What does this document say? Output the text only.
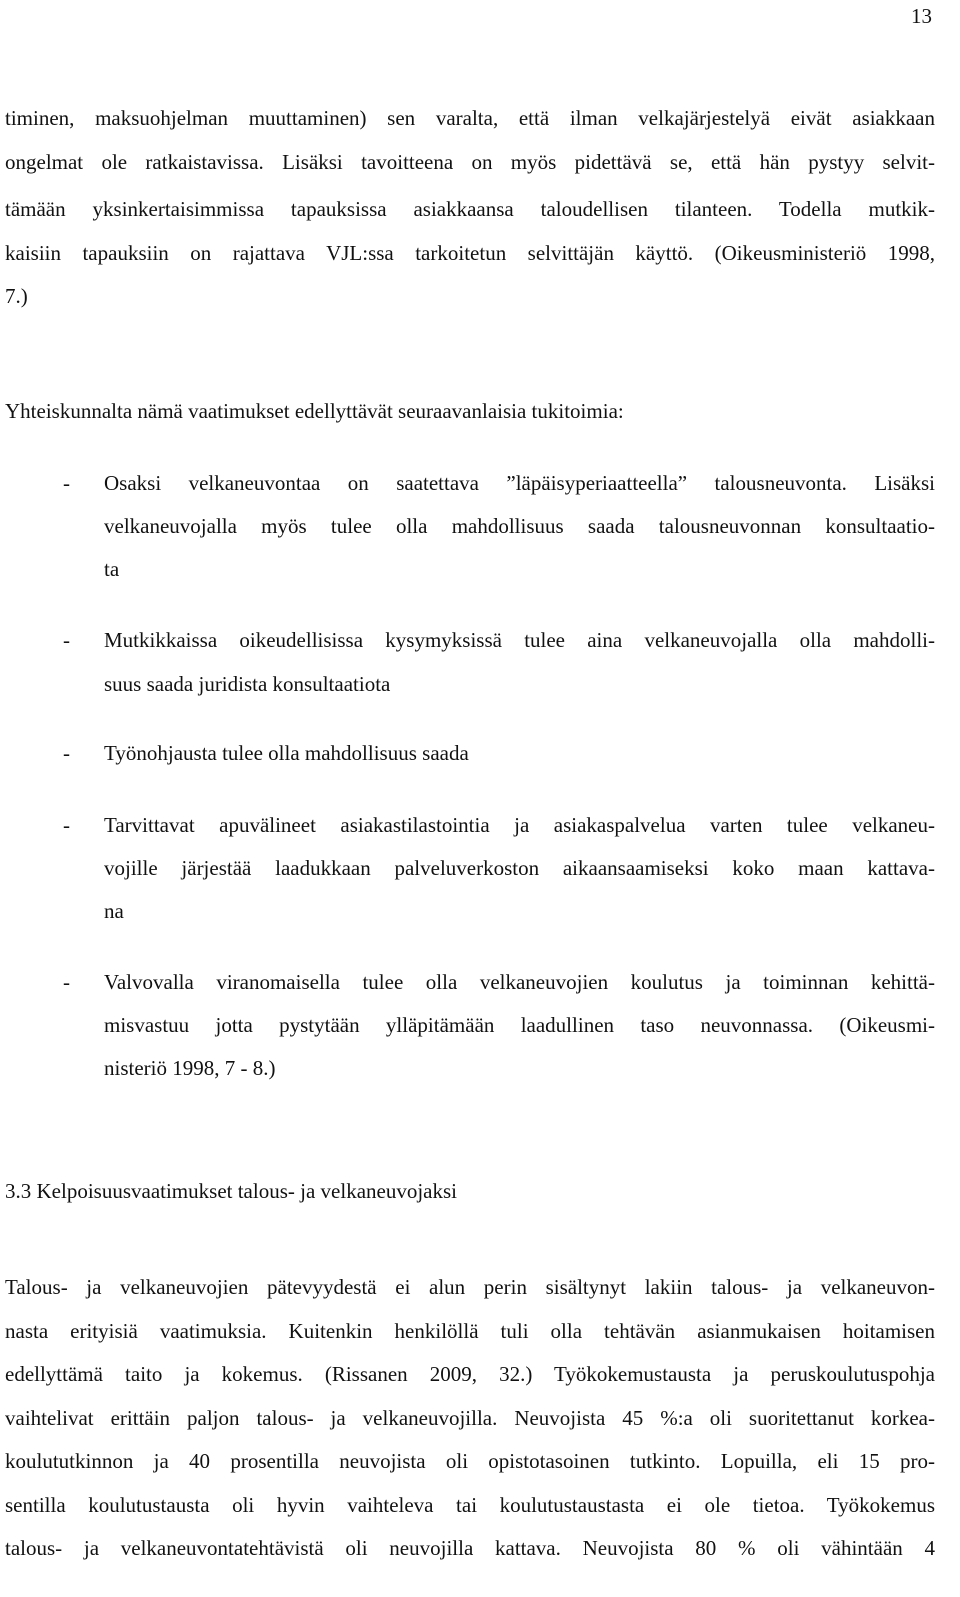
13
timinen, maksuohjelman muuttaminen) sen varalta, että ilman velkajärjestelyä eivät asiakkaan
ongelmat ole ratkaistavissa. Lisäksi tavoitteena on myös pidettävä se, että hän pystyy selvit-
tämään yksinkertaisimmissa tapauksissa asiakkaansa taloudellisen tilanteen. Todella mutkik-
kaisiin tapauksiin on rajattava VJL:ssa tarkoitetun selvittäjän käyttö. (Oikeusministeriö 1998,
7.)
Yhteiskunnalta nämä vaatimukset edellyttävät seuraavanlaisia tukitoimia:
- Osaksi velkaneuvontaa on saatettava ”läpäisyperiaatteella” talousneuvonta. Lisäksi
velkaneuvojalla myös tulee olla mahdollisuus saada talousneuvonnan konsultaatio-
ta
- Mutkikkaissa oikeudellisissa kysymyksissä tulee aina velkaneuvojalla olla mahdolli-
suus saada juridista konsultaatiota
- Työnohjausta tulee olla mahdollisuus saada
- Tarvittavat apuvälineet asiakastilastointia ja asiakaspalvelua varten tulee velkaneu-
vojille järjestää laadukkaan palveluverkoston aikaansaamiseksi koko maan kattava-
na
- Valvovalla viranomaisella tulee olla velkaneuvojien koulutus ja toiminnan kehittä-
misvastuu jotta pystytään ylläpitämään laadullinen taso neuvonnassa. (Oikeusmi-
nisteriö 1998, 7 - 8.)
3.3 Kelpoisuusvaatimukset talous- ja velkaneuvojaksi
Talous- ja velkaneuvojien pätevyydestä ei alun perin sisältynyt lakiin talous- ja velkaneuvon-
nasta erityisiä vaatimuksia. Kuitenkin henkilöllä tuli olla tehtävän asianmukaisen hoitamisen
edellyttämä taito ja kokemus. (Rissanen 2009, 32.) Työkokemustausta ja peruskoulutuspohja
vaihtelivat erittäin paljon talous- ja velkaneuvojilla. Neuvojista 45 %:a oli suoritettanut korkea-
koulututkinnon ja 40 prosentilla neuvojista oli opistotasoinen tutkinto. Lopuilla, eli 15 pro-
sentilla koulutustausta oli hyvin vaihteleva tai koulutustaustasta ei ole tietoa. Työkokemus
talous- ja velkaneuvontatehtävistä oli neuvojilla kattava. Neuvojista 80 % oli vähintään 4
